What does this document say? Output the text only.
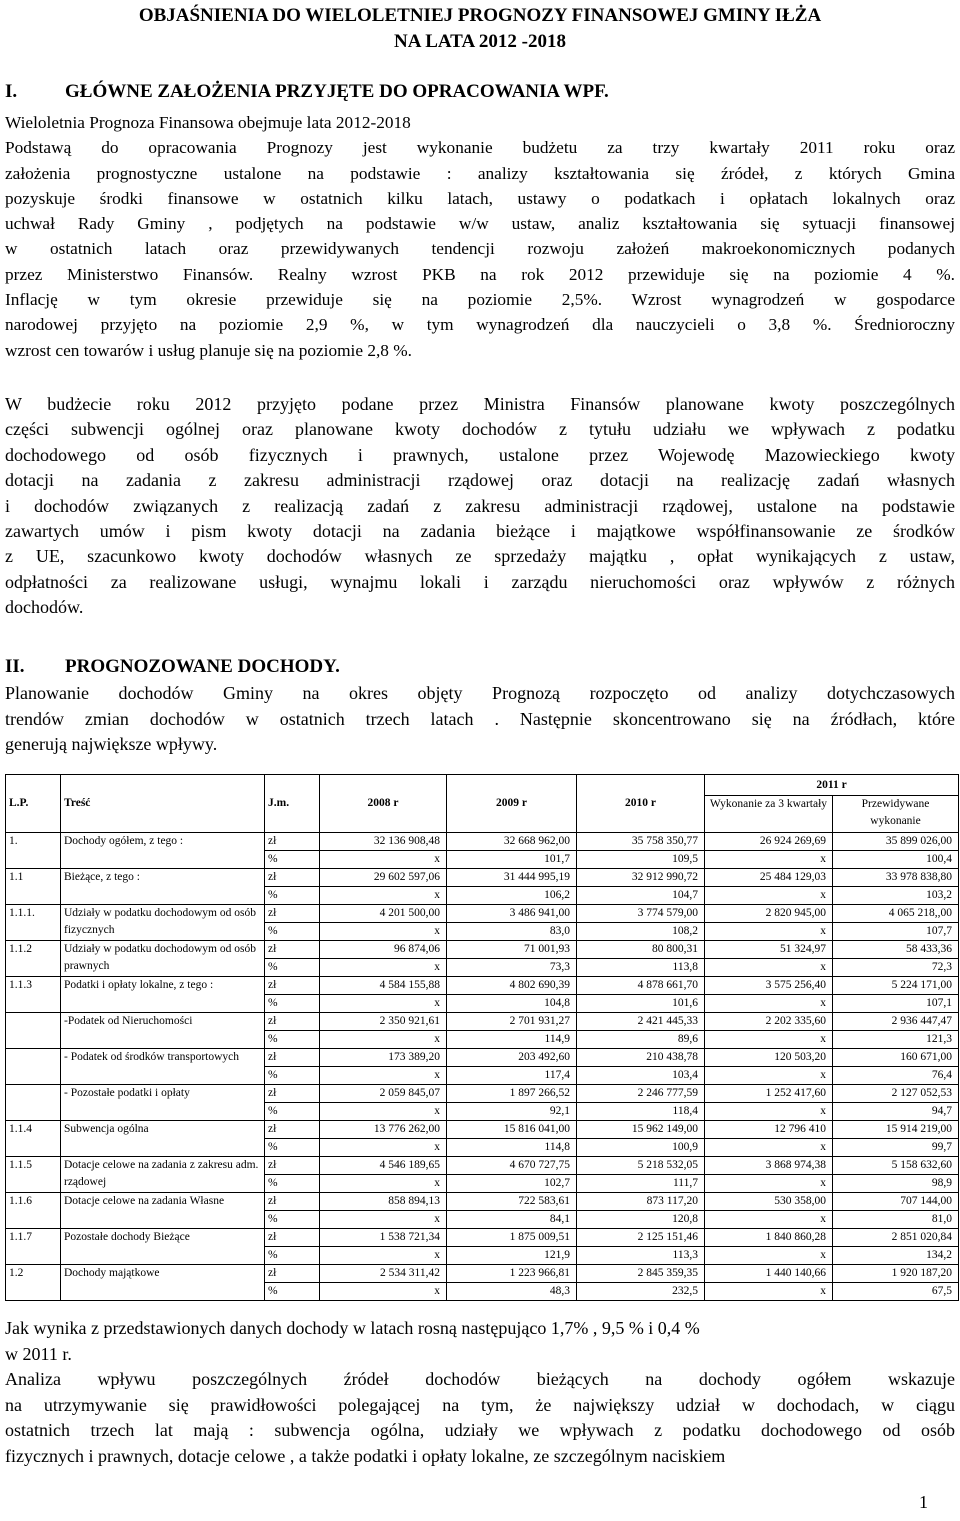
OBJAŚNIENIA DO WIELOLETNIEJ PROGNOZY FINANSOWEJ GMINY IŁŻA
NA LATA 2012 -2018
I.	GŁÓWNE ZAŁOŻENIA PRZYJĘTE DO OPRACOWANIA WPF.
Wieloletnia Prognoza Finansowa obejmuje lata 2012-2018
Podstawą do opracowania Prognozy jest wykonanie budżetu za trzy kwartały 2011 roku oraz
założenia prognostyczne ustalone na podstawie : analizy kształtowania się źródeł, z których Gmina
pozyskuje środki finansowe w ostatnich kilku latach, ustawy o podatkach i opłatach lokalnych oraz
uchwał Rady Gminy , podjętych na podstawie w/w ustaw, analiz kształtowania się sytuacji finansowej
w ostatnich latach oraz przewidywanych tendencji rozwoju założeń makroekonomicznych podanych
przez Ministerstwo Finansów. Realny wzrost PKB na rok 2012 przewiduje się na poziomie 4 %.
Inflację w tym okresie przewiduje się na poziomie 2,5%. Wzrost wynagrodzeń w gospodarce
narodowej przyjęto na poziomie 2,9 %, w tym wynagrodzeń dla nauczycieli o 3,8 %. Średnioroczny
wzrost cen towarów i usług planuje się na poziomie 2,8 %.
W budżecie roku 2012 przyjęto podane przez Ministra Finansów planowane kwoty poszczególnych
części subwencji ogólnej oraz planowane kwoty dochodów z tytułu udziału we wpływach z podatku
dochodowego od osób fizycznych i prawnych, ustalone przez Wojewodę Mazowieckiego kwoty
dotacji na zadania z zakresu administracji rządowej oraz dotacji na realizację zadań własnych
i dochodów związanych z realizacją zadań z zakresu administracji rządowej, ustalone na podstawie
zawartych umów i pism kwoty dotacji na zadania bieżące i majątkowe współfinansowanie ze środków
z UE, szacunkowo kwoty dochodów własnych ze sprzedaży majątku , opłat wynikających z ustaw,
odpłatności za realizowane usługi, wynajmu lokali i zarządu nieruchomości oraz wpływów z różnych
dochodów.
II. PROGNOZOWANE DOCHODY.
Planowanie dochodów Gminy na okres objęty Prognozą rozpoczęto od analizy dotychczasowych
trendów zmian dochodów w ostatnich trzech latach . Następnie skoncentrowano się na źródłach, które
generują największe wpływy.
L.P.	Treść	J.m.	2008 r	2009 r	2010 r	2011 r	
						Wykonanie za 3 kwartały	Przewidywane wykonanie
1.	Dochody ogółem, z tego :	zł	32 136 908,48	32 668 962,00	35 758 350,77	26 924 269,69	35 899 026,00
		%	x	101,7	109,5	x	100,4
1.1	Bieżące, z tego :	zł	29 602 597,06	31 444 995,19	32 912 990,72	25 484 129,03	33 978 838,80
		%	x	106,2	104,7	x	103,2
1.1.1.	Udziały w podatku dochodowym od osób fizycznych	zł	4 201 500,00	3 486 941,00	3 774 579,00	2 820 945,00	4 065 218,,00
		%	x	83,0	108,2	x	107,7
1.1.2	Udziały w podatku dochodowym od osób prawnych	zł	96 874,06	71 001,93	80 800,31	51 324,97	58 433,36
		%	x	73,3	113,8	x	72,3
1.1.3	Podatki i opłaty lokalne, z tego :	zł	4 584 155,88	4 802 690,39	4 878 661,70	3 575 256,40	5 224 171,00
		%	x	104,8	101,6	x	107,1
	-Podatek od Nieruchomości	zł	2 350 921,61	2 701 931,27	2 421 445,33	2 202 335,60	2 936 447,47
		%	x	114,9	89,6	x	121,3
	- Podatek od środków transportowych	zł	173 389,20	203 492,60	210 438,78	120 503,20	160 671,00
		%	x	117,4	103,4	x	76,4
	- Pozostałe podatki i opłaty	zł	2 059 845,07	1 897 266,52	2 246 777,59	1 252 417,60	2 127 052,53
		%	x	92,1	118,4	x	94,7
1.1.4	Subwencja ogólna	zł	13 776 262,00	15 816 041,00	15 962 149,00	12 796 410	15 914 219,00
		%	x	114,8	100,9	x	99,7
1.1.5	Dotacje celowe na zadania z zakresu adm. rządowej	zł	4 546 189,65	4 670 727,75	5 218 532,05	3 868 974,38	5 158 632,60
		%	x	102,7	111,7	x	98,9
1.1.6	Dotacje celowe na zadania Własne	zł	858 894,13	722 583,61	873 117,20	530 358,00	707 144,00
		%	x	84,1	120,8	x	81,0
1.1.7	Pozostałe dochody Bieżące	zł	1 538 721,34	1 875 009,51	2 125 151,46	1 840 860,28	2 851 020,84
		%	x	121,9	113,3	x	134,2
1.2	Dochody majątkowe	zł	2 534 311,42	1 223 966,81	2 845 359,35	1 440 140,66	1 920 187,20
		%	x	48,3	232,5	x	67,5
Jak wynika z przedstawionych danych dochody w latach rosną następująco 1,7% , 9,5 % i 0,4 %
w 2011 r.
Analiza wpływu poszczególnych źródeł dochodów bieżących na dochody ogółem wskazuje
na utrzymywanie się prawidłowości polegającej na tym, że największy udział w dochodach, w ciągu
ostatnich trzech lat mają : subwencja ogólna, udziały we wpływach z podatku dochodowego od osób
fizycznych i prawnych, dotacje celowe , a także podatki i opłaty lokalne, ze szczególnym naciskiem
1
